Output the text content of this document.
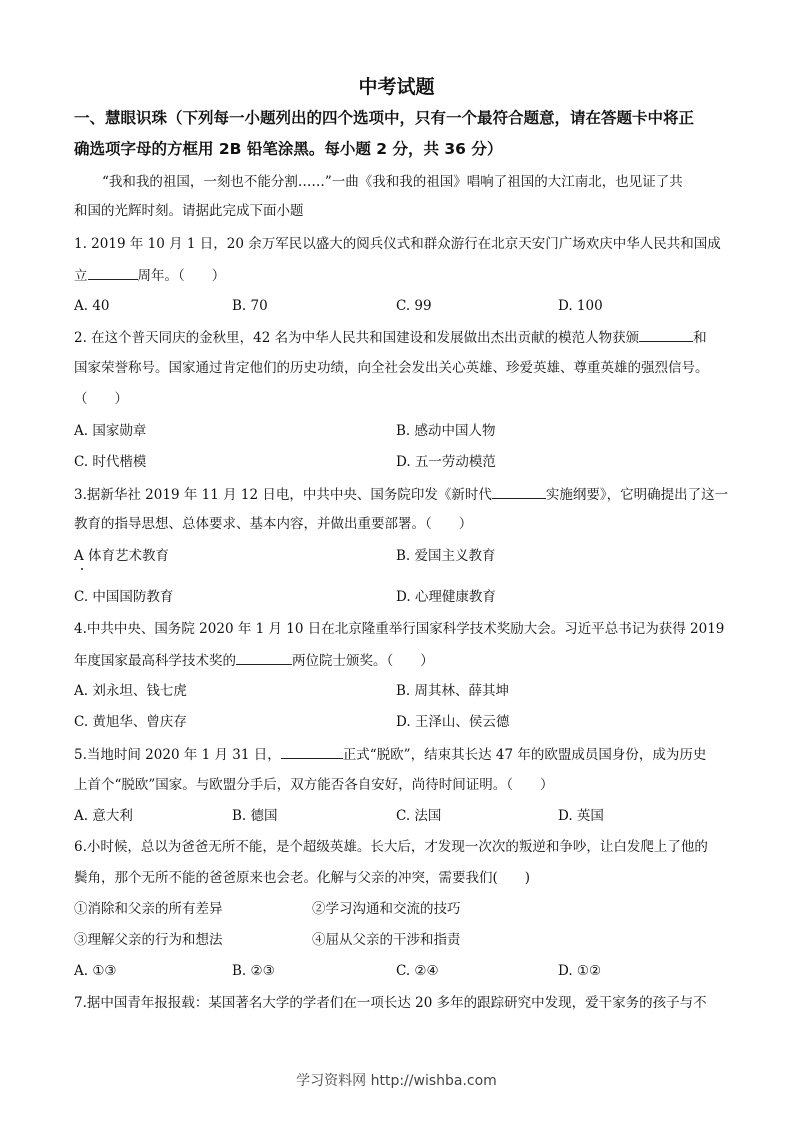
中考试题
一、慧眼识珠（下列每一小题列出的四个选项中，只有一个最符合题意，请在答题卡中将正
确选项字母的方框用 2B 铅笔涂黑。每小题 2 分，共 36 分）
“我和我的祖国，一刻也不能分割……”一曲《我和我的祖国》唱响了祖国的大江南北，也见证了共
和国的光辉时刻。请据此完成下面小题
1. 2019 年 10 月 1 日，20 余万军民以盛大的阅兵仪式和群众游行在北京天安门广场欢庆中华人民共和国成
立	周年。（　　）
A. 40	B. 70	C. 99	D. 100
2. 在这个普天同庆的金秋里，42 名为中华人民共和国建设和发展做出杰出贡献的模范人物获颁	和
国家荣誉称号。国家通过肯定他们的历史功绩，向全社会发出关心英雄、珍爱英雄、尊重英雄的强烈信号。
（　　）
A. 国家勋章	B. 感动中国人物
C. 时代楷模	D. 五一劳动模范
3.据新华社 2019 年 11 月 12 日电，中共中央、国务院印发《新时代	实施纲要》，它明确提出了这一
教育的指导思想、总体要求、基本内容，并做出重要部署。（　　）
A 体育艺术教育	B. 爱国主义教育
C. 中国国防教育	D. 心理健康教育
4.中共中央、国务院 2020 年 1 月 10 日在北京隆重举行国家科学技术奖励大会。习近平总书记为获得 2019
年度国家最高科学技术奖的	两位院士颁奖。（　　）
A. 刘永坦、钱七虎	B. 周其林、薛其坤
C. 黄旭华、曾庆存	D. 王泽山、侯云德
5.当地时间 2020 年 1 月 31 日，	正式“脱欧”，结束其长达 47 年的欧盟成员国身份，成为历史
上首个“脱欧”国家。与欧盟分手后，双方能否各自安好，尚待时间证明。（　　）
A. 意大利	B. 德国	C. 法国	D. 英国
6.小时候，总以为爸爸无所不能，是个超级英雄。长大后，才发现一次次的叛逆和争吵，让白发爬上了他的
鬓角，那个无所不能的爸爸原来也会老。化解与父亲的冲突，需要我们(　　)
①消除和父亲的所有差异	②学习沟通和交流的技巧
③理解父亲的行为和想法	④屈从父亲的干涉和指责
A. ①③	B. ②③	C. ②④	D. ①②
7.据中国青年报报载：某国著名大学的学者们在一项长达 20 多年的跟踪研究中发现，爱干家务的孩子与不
学习资料网 http://wishba.com
